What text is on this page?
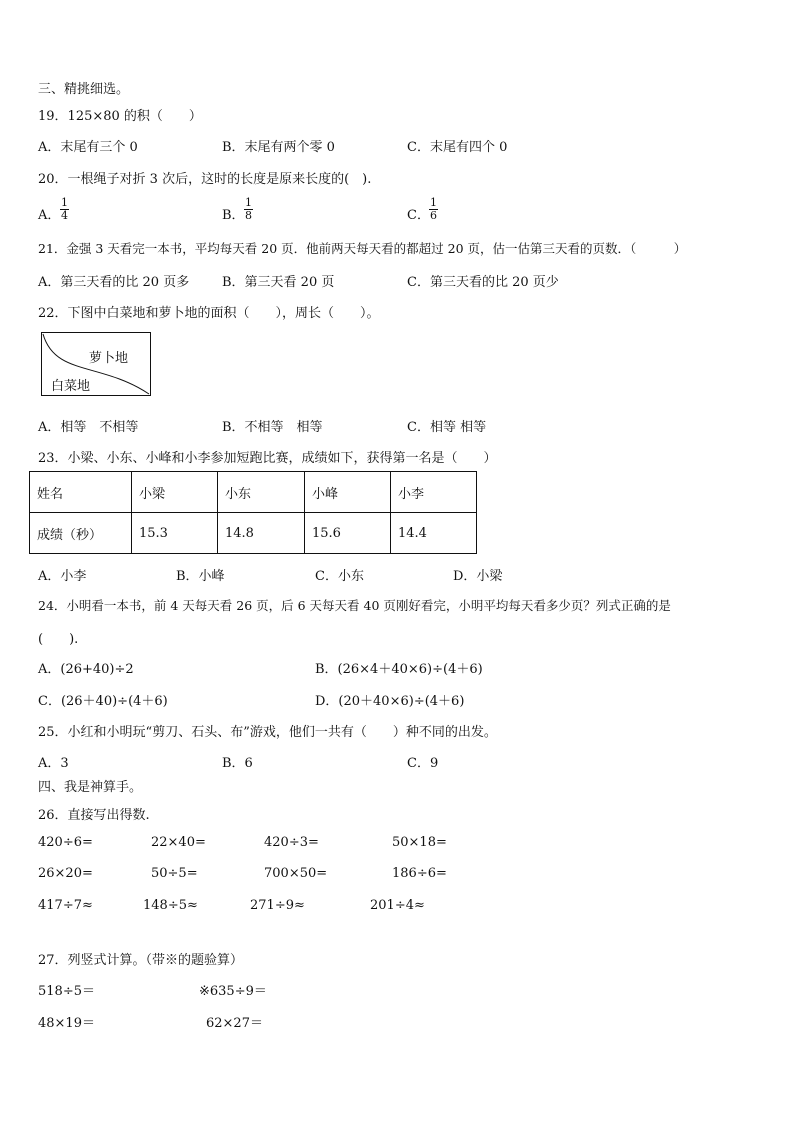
三、精挑细选。
19．125×80 的积（　　）
A．末尾有三个 0	B．末尾有两个零 0	C．末尾有四个 0
20．一根绳子对折 3 次后，这时的长度是原来长度的(　).
A． $\frac{1}{4}$	B． $\frac{1}{8}$	C． $\frac{1}{6}$
21．金强 3 天看完一本书，平均每天看 20 页．他前两天每天看的都超过 20 页，估一估第三天看的页数．（　　　）
A．第三天看的比 20 页多	B．第三天看 20 页	C．第三天看的比 20 页少
22．下图中白菜地和萝卜地的面积（　　），周长（　　）。
萝卜地
白菜地
A．相等　不相等	B．不相等　相等	C．相等 相等
23．小梁、小东、小峰和小李参加短跑比赛，成绩如下，获得第一名是（　　）
姓名	小梁	小东	小峰	小李
成绩（秒）	15.3	14.8	15.6	14.4
A．小李	B．小峰	C．小东	D．小梁
24．小明看一本书，前 4 天每天看 26 页，后 6 天每天看 40 页刚好看完，小明平均每天看多少页？列式正确的是
(　　).
A．(26+40)÷2	B．(26×4＋40×6)÷(4＋6)
C．(26＋40)÷(4＋6)	D．(20＋40×6)÷(4＋6)
25．小红和小明玩“剪刀、石头、布”游戏，他们一共有（　　）种不同的出发。
A．3	B．6	C．9
四、我是神算手。
26．直接写出得数.
420÷6=	22×40=	420÷3=	50×18=
26×20=	50÷5=	700×50=	186÷6=
417÷7≈	148÷5≈	271÷9≈	201÷4≈
27．列竖式计算。（带※的题验算）
518÷5＝	※635÷9＝
48×19＝	62×27＝
